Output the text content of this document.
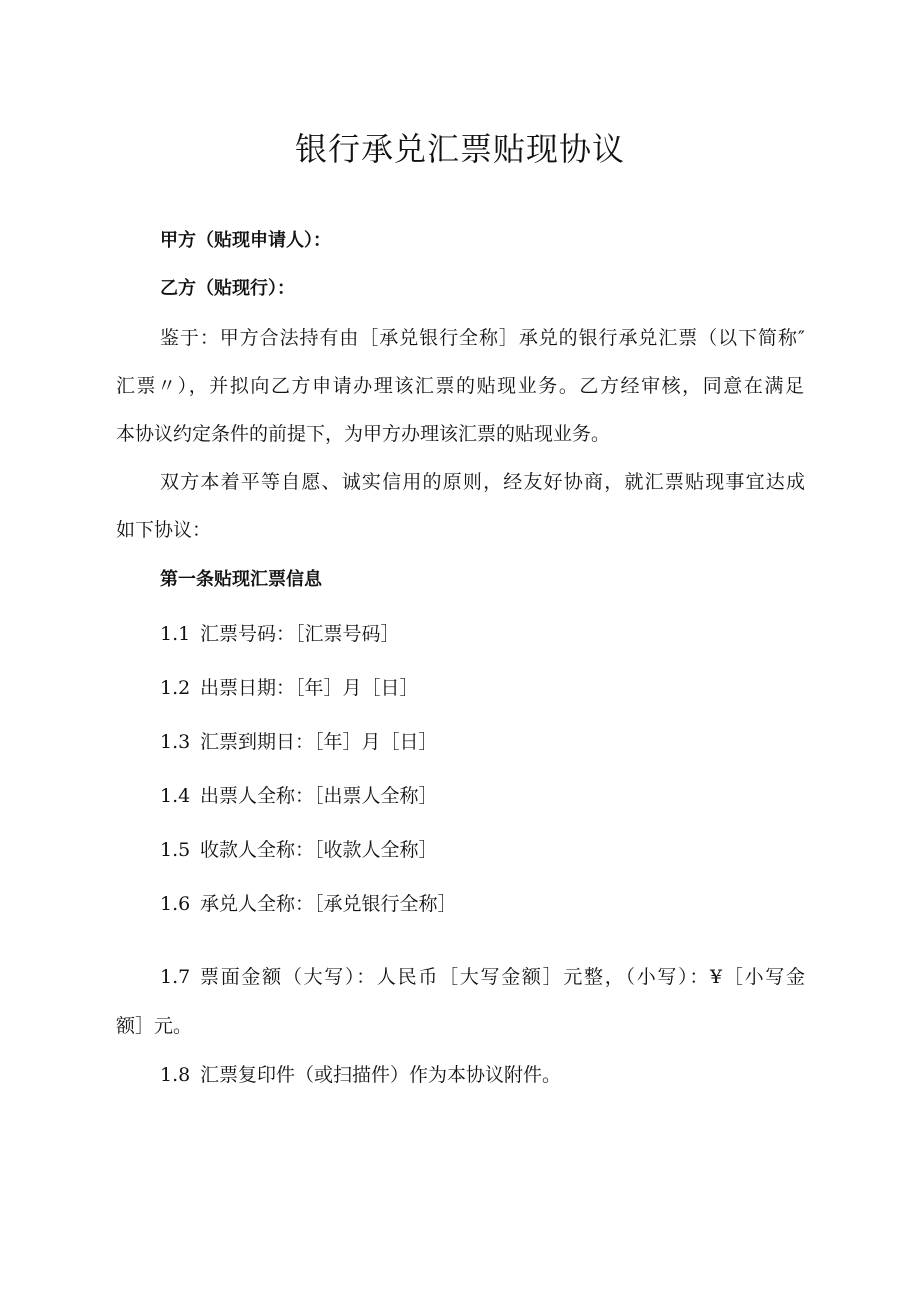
银行承兑汇票贴现协议

甲方（贴现申请人）：

乙方（贴现行）：

鉴于：甲方合法持有由［承兑银行全称］承兑的银行承兑汇票（以下简称″

汇票〃），并拟向乙方申请办理该汇票的贴现业务。乙方经审核，同意在满足

本协议约定条件的前提下，为甲方办理该汇票的贴现业务。

双方本着平等自愿、诚实信用的原则，经友好协商，就汇票贴现事宜达成

如下协议：

第一条贴现汇票信息

1.1 汇票号码：［汇票号码］
1.2 出票日期：［年］月［日］
1.3 汇票到期日：［年］月［日］
1.4 出票人全称：［出票人全称］
1.5 收款人全称：［收款人全称］
1.6 承兑人全称：［承兑银行全称］
1.7 票面金额（大写）：人民币［大写金额］元整，（小写）：¥［小写金

额］元。

1.8 汇票复印件（或扫描件）作为本协议附件。
